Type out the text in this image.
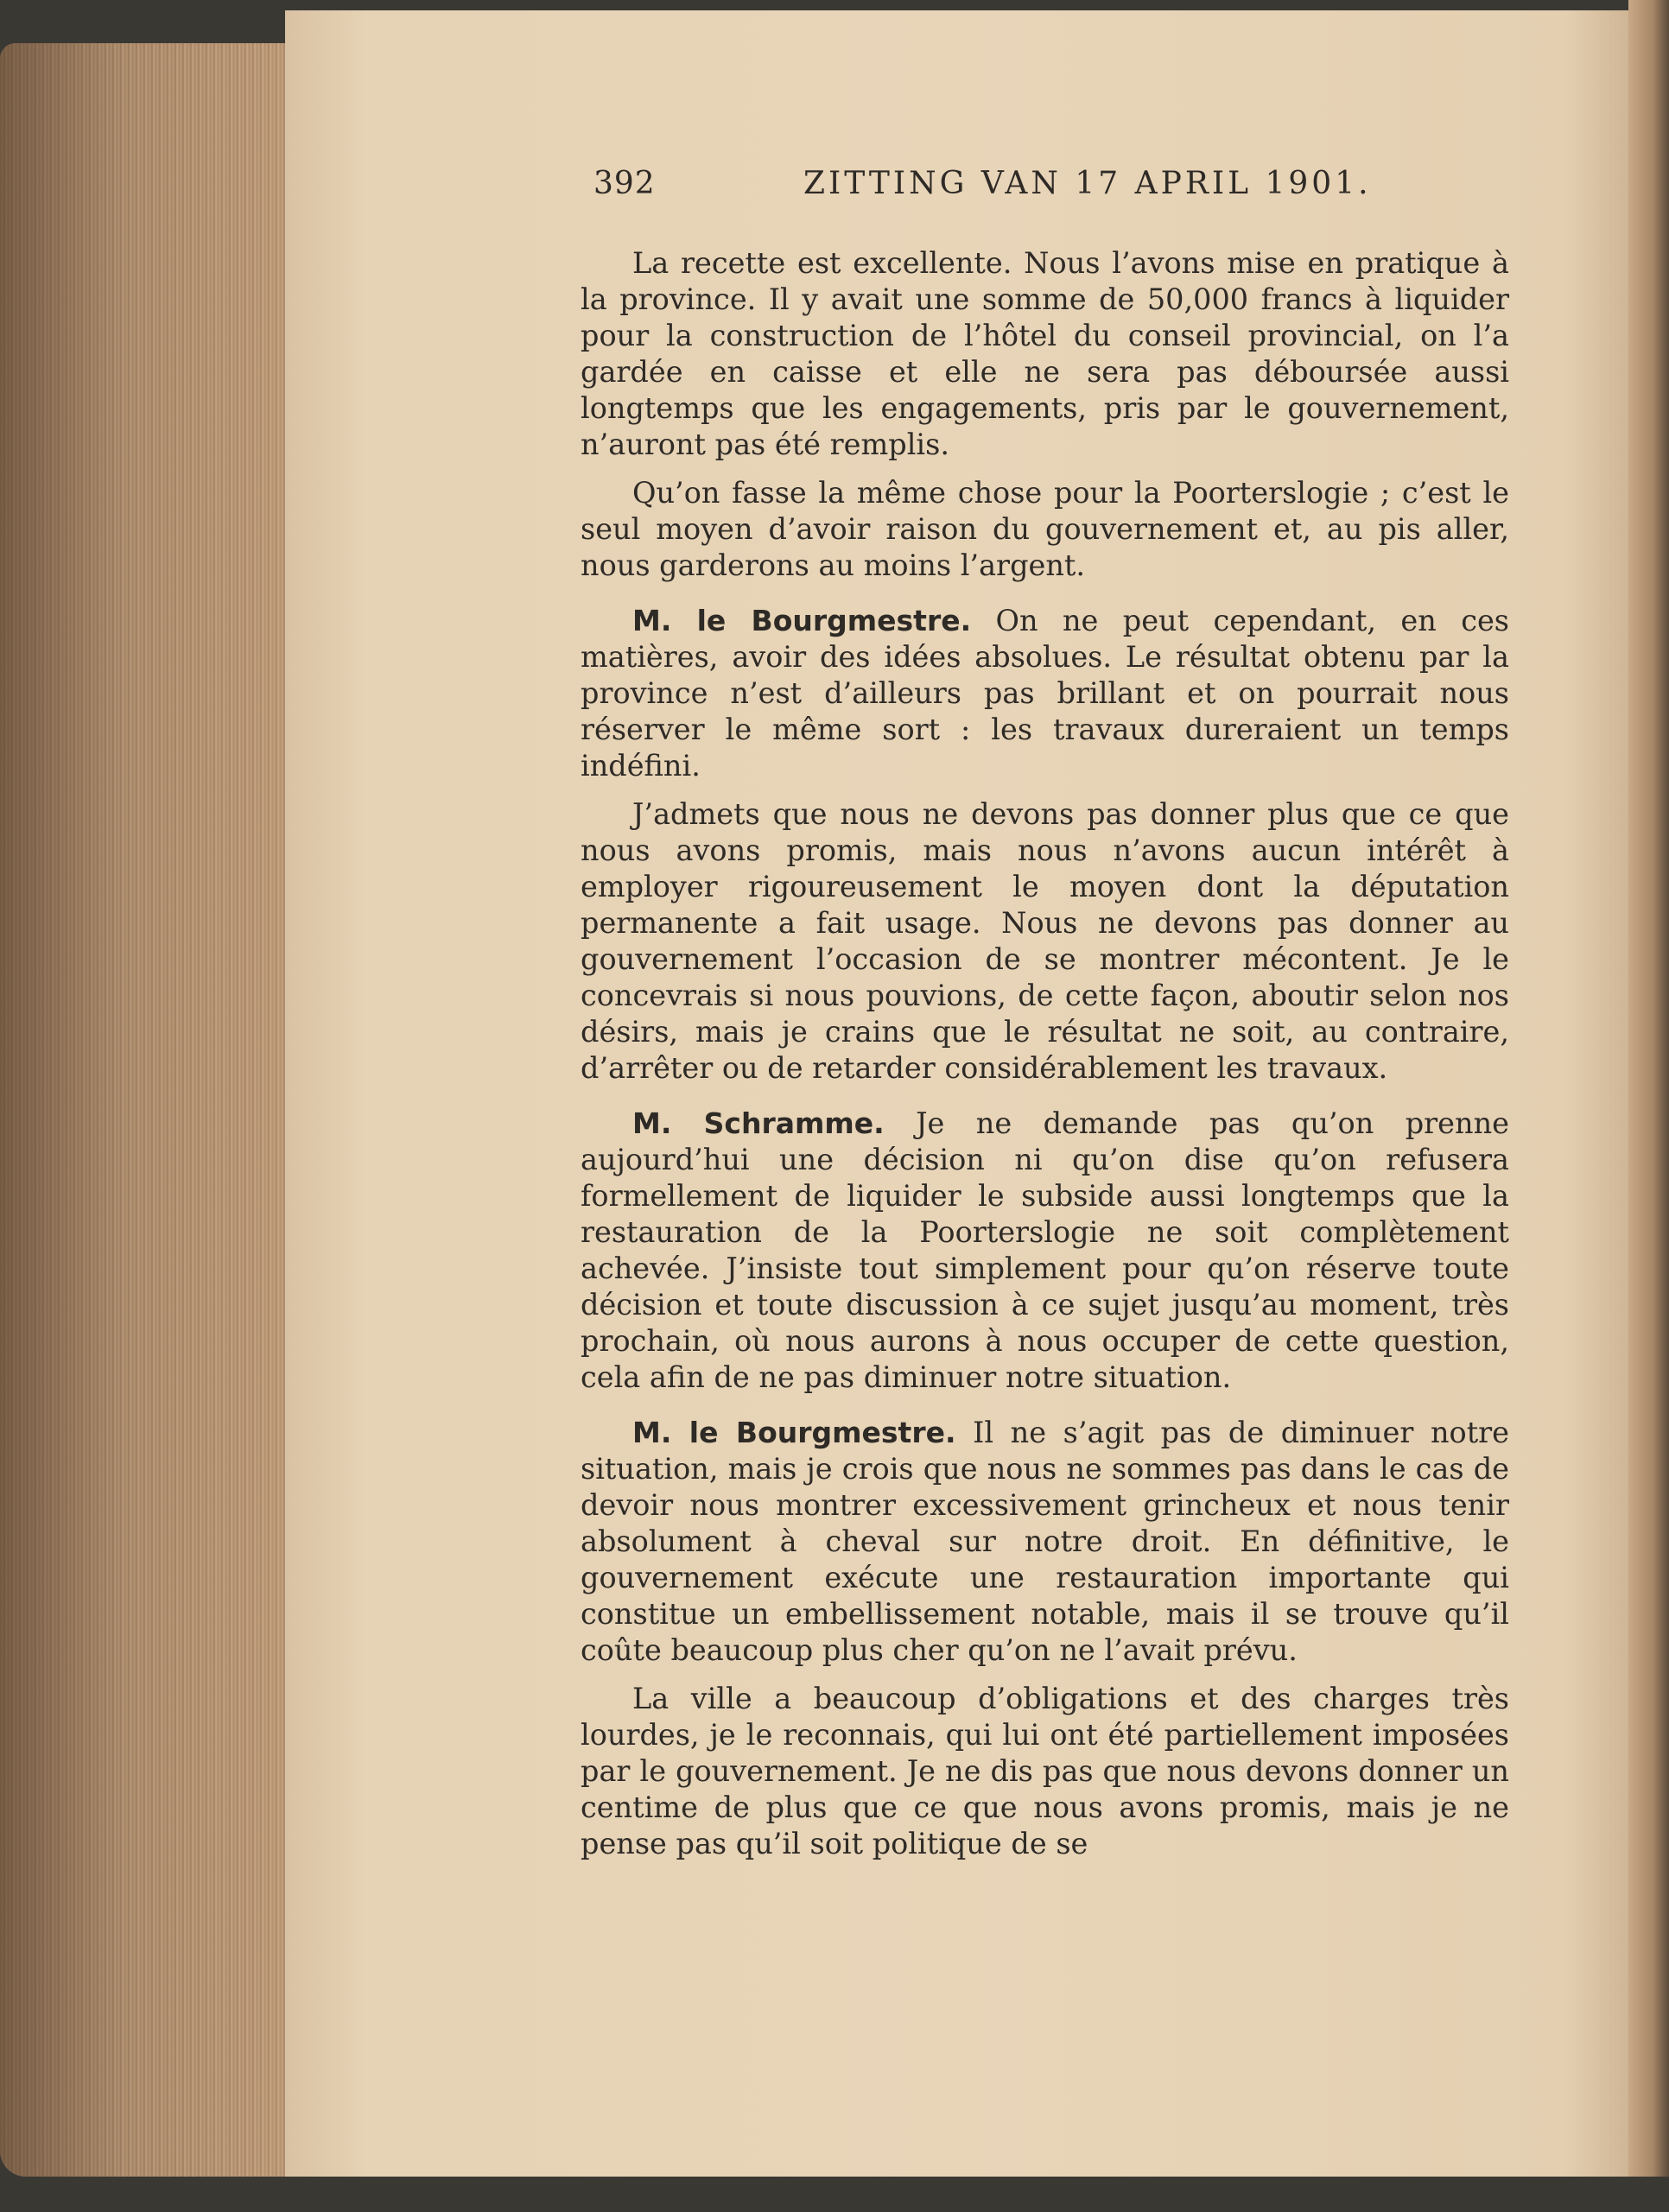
392	ZITTING VAN 17 APRIL 1901.

La recette est excellente. Nous l’avons mise en pratique à la province. Il y avait une somme de 50,000 francs à liquider pour la construction de l’hôtel du conseil provincial, on l’a gardée en caisse et elle ne sera pas déboursée aussi longtemps que les engagements, pris par le gouvernement, n’auront pas été remplis.

Qu’on fasse la même chose pour la Poorterslogie ; c’est le seul moyen d’avoir raison du gouvernement et, au pis aller, nous garderons au moins l’argent.

M. le Bourgmestre. On ne peut cependant, en ces matières, avoir des idées absolues. Le résultat obtenu par la province n’est d’ailleurs pas brillant et on pourrait nous réserver le même sort : les travaux dureraient un temps indéfini.

J’admets que nous ne devons pas donner plus que ce que nous avons promis, mais nous n’avons aucun intérêt à employer rigoureusement le moyen dont la députation permanente a fait usage. Nous ne devons pas donner au gouvernement l’occasion de se montrer mécontent. Je le concevrais si nous pouvions, de cette façon, aboutir selon nos désirs, mais je crains que le résultat ne soit, au contraire, d’arrêter ou de retarder considérablement les travaux.

M. Schramme. Je ne demande pas qu’on prenne aujourd’hui une décision ni qu’on dise qu’on refusera formellement de liquider le subside aussi longtemps que la restauration de la Poorterslogie ne soit complètement achevée. J’insiste tout simplement pour qu’on réserve toute décision et toute discussion à ce sujet jusqu’au moment, très prochain, où nous aurons à nous occuper de cette question, cela afin de ne pas diminuer notre situation.

M. le Bourgmestre. Il ne s’agit pas de diminuer notre situation, mais je crois que nous ne sommes pas dans le cas de devoir nous montrer excessivement grincheux et nous tenir absolument à cheval sur notre droit. En définitive, le gouvernement exécute une restauration importante qui constitue un embellissement notable, mais il se trouve qu’il coûte beaucoup plus cher qu’on ne l’avait prévu.

La ville a beaucoup d’obligations et des charges très lourdes, je le reconnais, qui lui ont été partiellement imposées par le gouvernement. Je ne dis pas que nous devons donner un centime de plus que ce que nous avons promis, mais je ne pense pas qu’il soit politique de se
